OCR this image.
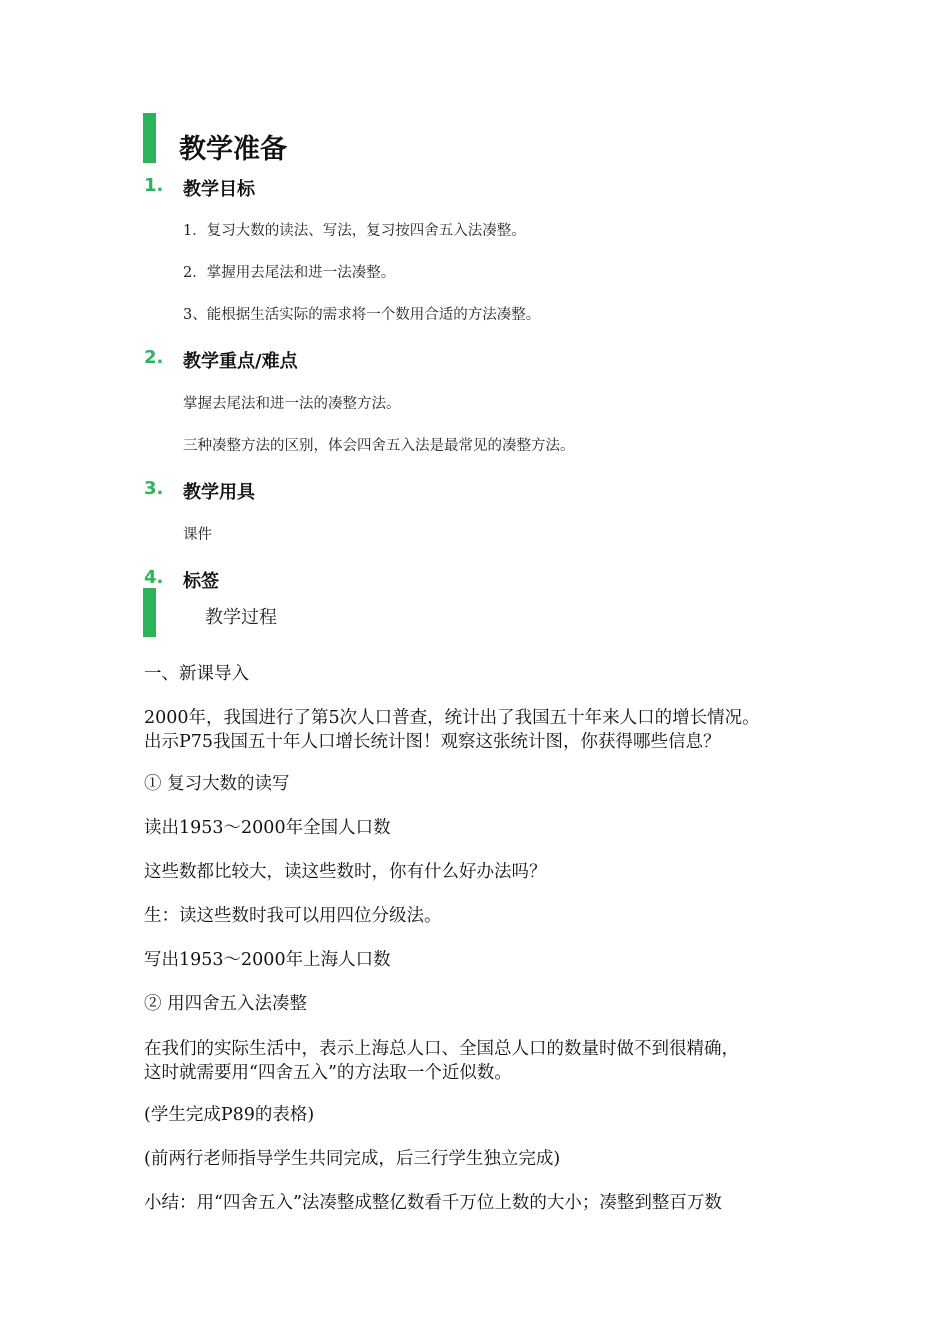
教学准备
1. 教学目标
1．复习大数的读法、写法，复习按四舍五入法凑整。
2．掌握用去尾法和进一法凑整。
3、能根据生活实际的需求将一个数用合适的方法凑整。
2. 教学重点/难点
掌握去尾法和进一法的凑整方法。
三种凑整方法的区别，体会四舍五入法是最常见的凑整方法。
3. 教学用具
课件
4. 标签
教学过程
一、新课导入
2000年，我国进行了第5次人口普查，统计出了我国五十年来人口的增长情况。
出示P75我国五十年人口增长统计图！观察这张统计图，你获得哪些信息？
① 复习大数的读写
读出1953～2000年全国人口数
这些数都比较大，读这些数时，你有什么好办法吗？
生：读这些数时我可以用四位分级法。
写出1953～2000年上海人口数
② 用四舍五入法凑整
在我们的实际生活中，表示上海总人口、全国总人口的数量时做不到很精确，
这时就需要用“四舍五入”的方法取一个近似数。
(学生完成P89的表格)
(前两行老师指导学生共同完成，后三行学生独立完成)
小结：用“四舍五入”法凑整成整亿数看千万位上数的大小；凑整到整百万数
